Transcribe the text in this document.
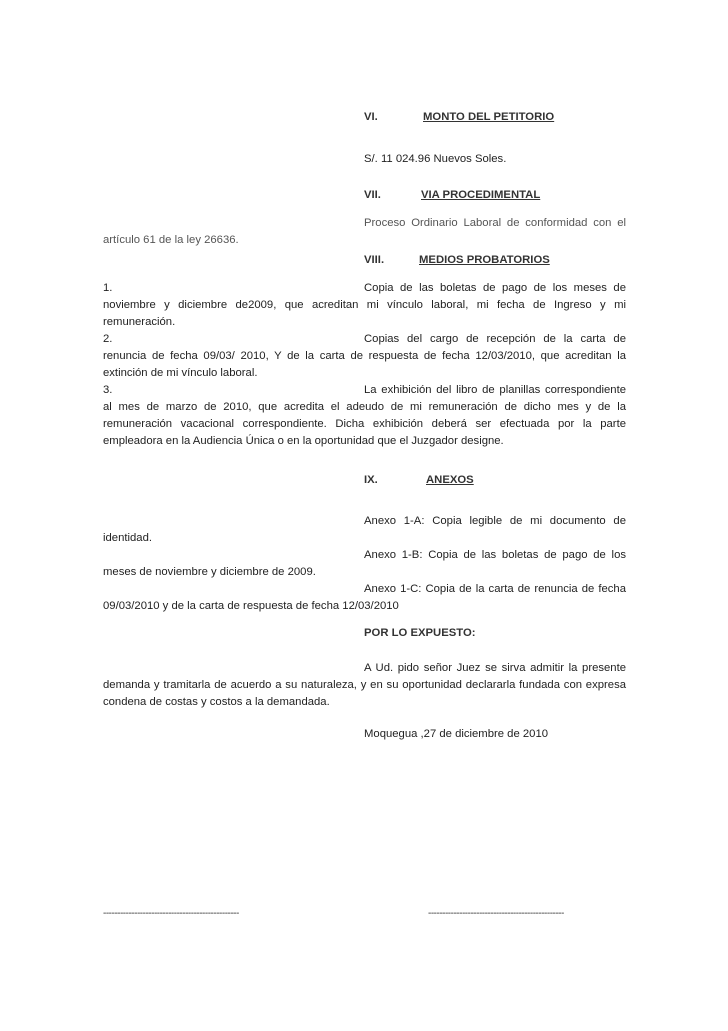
VI.	MONTO DEL PETITORIO
S/. 11 024.96 Nuevos Soles.
VII.	VIA PROCEDIMENTAL
Proceso Ordinario Laboral de conformidad con el artículo 61 de la ley 26636.
VIII.	MEDIOS PROBATORIOS
1.	Copia de las boletas de pago de los meses de noviembre y diciembre de2009, que acreditan mi vínculo laboral, mi fecha de Ingreso y mi remuneración.
2.	Copias del cargo de recepción de la carta de renuncia de fecha 09/03/ 2010, Y de la carta de respuesta de fecha 12/03/2010, que acreditan la extinción de mi vínculo laboral.
3.	La exhibición del libro de planillas correspondiente al mes de marzo de 2010, que acredita el adeudo de mi remuneración de dicho mes y de la remuneración vacacional correspondiente. Dicha exhibición deberá ser efectuada por la parte empleadora en la Audiencia Única o en la oportunidad que el Juzgador designe.
IX.	ANEXOS
Anexo 1-A: Copia legible de mi documento de identidad.
Anexo 1-B: Copia de las boletas de pago de los meses de noviembre y diciembre de 2009.
Anexo 1-C: Copia de la carta de renuncia de fecha 09/03/2010 y de la carta de respuesta de fecha 12/03/2010
POR LO EXPUESTO:
A Ud. pido señor Juez se sirva admitir la presente demanda y tramitarla de acuerdo a su naturaleza, y en su oportunidad declararla fundada con expresa condena de costas y costos a la demandada.
Moquegua ,27 de diciembre de 2010
------------------------------------------------	------------------------------------------------
